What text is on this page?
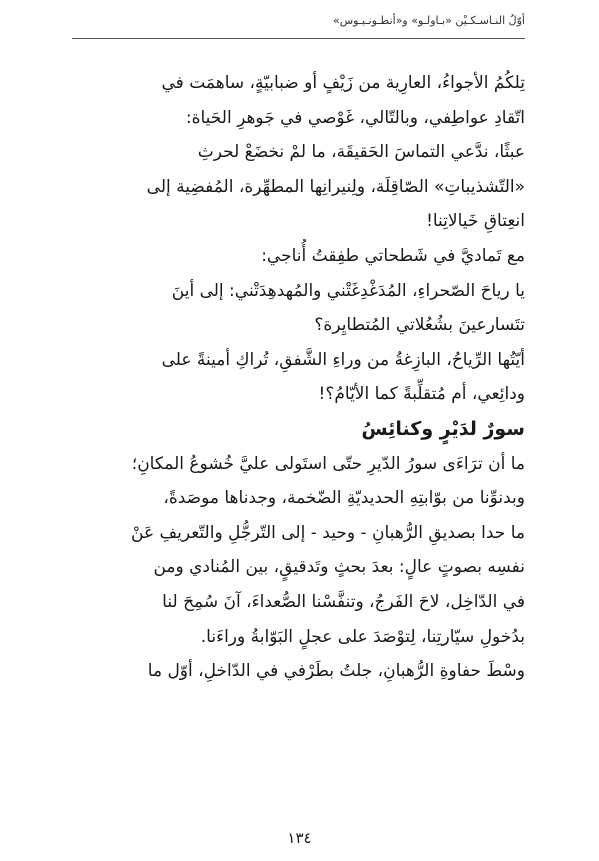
أوّلُ النـاسـكـيْن «بـاولـو» و«أنطـونـيـوس»
تِلكُمُ الأجواءُ، العارِية من زَيْفٍ أو ضبابيّةٍ، ساهمَت في
اتّقادِ عواطِفي، وبالتّالي، غَوْصي في جَوهرِ الحَياة:
عبثًا، ندَّعي التماسَ الحَقيقَة، ما لمْ نخضَعْ لحرثِ
«التّشذيباتِ» الصّاقِلَة، ولِنيرانِها المطهِّرة، المُفضِية إلى
انعِتاقِ خَيالاتِنا!
مع تَماديَّ في شَطحاتي طفِقتُ أُناجي:
يا رياحَ الصّحراءِ، المُدَغْدِغَتْني والمُهدهِدَتْني: إلى أينَ
تتَسارعينَ بشُعُلاتي المُتطايِرة؟
أيّتُها الرِّياحُ، البازِغةُ من وراءِ الشَّفقِ، تُراكِ أمينةً على
ودائِعي، أم مُتقلِّبةً كما الأيّامُ؟!
سورٌ لدَيْرٍ وكنائِسُ
ما أن ترَاءَى سورُ الدّيرِ حتّى استَولى عليَّ خُشوعُ المكانِ؛
وبدنوِّنا من بوّابتِهِ الحديديّةِ الضّخمة، وجدناها موصَدةً،
ما حدا بصديقِ الرُّهبانِ - وحيد - إلى التّرجُّلِ والتّعريفِ عَنْ
نفسِه بصوتٍ عالٍ: بعدَ بحثٍ وتَدقيقٍ، بين المُنادي ومن
في الدّاخِل، لاحَ الفَرجُ، وتنفَّسْنا الصُّعداءَ، آنَ سُمِحَ لنا
بدُخولِ سيّارتِنا، لِتوْصَدَ على عجلٍ البَوّابةُ وراءَنا.
وسْطَ حفاوةِ الرُّهبانِ، جلتُ بطَرْفي في الدّاخلِ، أوّل ما
١٣٤
